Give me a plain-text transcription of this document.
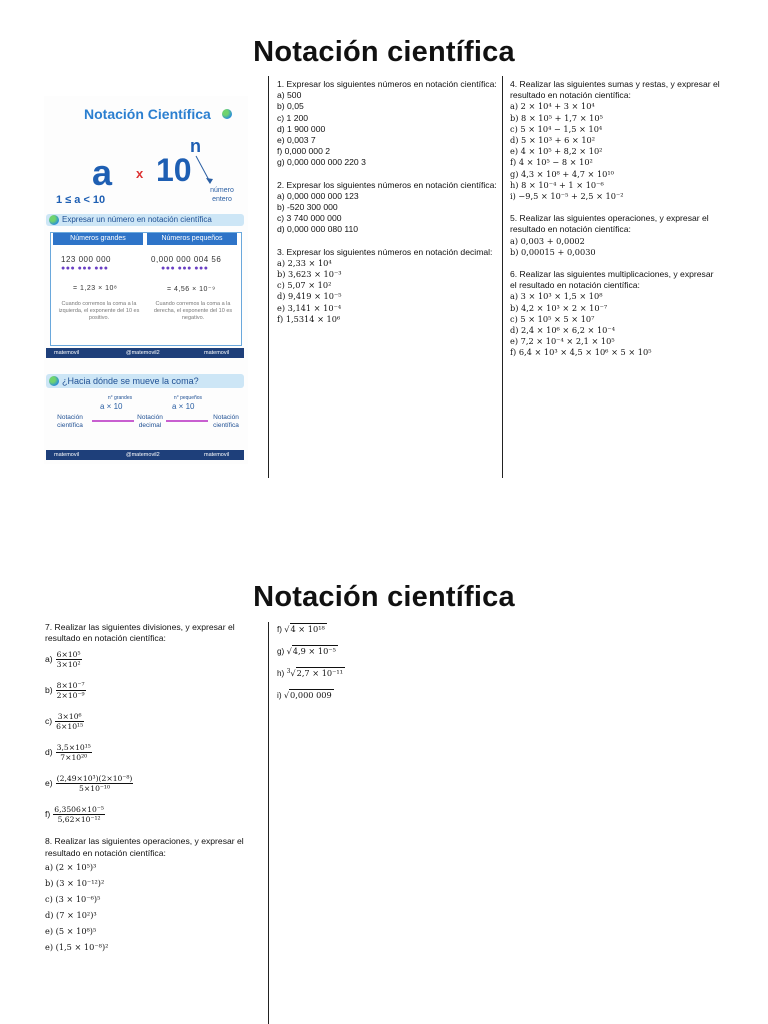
Notación científica
Notación Científica
a x 10
n
1 ≤ a < 10
número entero
Expresar un número en notación científica
Números grandes	Números pequeños
123 000 000
●●● ●●● ●●●
0,000 000 004 56
●●● ●●● ●●●
= 1,23 × 10⁸	= 4,56 × 10⁻⁹
Cuando corremos la coma a la izquierda, el exponente del 10 es positivo.
Cuando corremos la coma a la derecha, el exponente del 10 es negativo.
matemovil	@matemovil2	matemovil
¿Hacia dónde se mueve la coma?
n° grandes
a × 10
n° pequeños
a × 10
Notación científica
Notación decimal
Notación científica
matemovil	@matemovil2	matemovil
1. Expresar los siguientes números en notación científica:
a) 500
b) 0,05
c) 1 200
d) 1 900 000
e) 0,003 7
f) 0,000 000 2
g) 0,000 000 000 220 3
2. Expresar los siguientes números en notación científica:
a) 0,000 000 000 123
b) -520 300 000
c) 3 740 000 000
d) 0,000 000 080 110
3. Expresar los siguientes números en notación decimal:
a) 2,33 × 10⁴
b) 3,623 × 10⁻³
c) 5,07 × 10²
d) 9,419 × 10⁻⁵
e) 3,141 × 10⁻⁴
f) 1,5314 × 10⁶
4. Realizar las siguientes sumas y restas, y expresar el resultado en notación científica:
a) 2 × 10⁴ + 3 × 10⁴
b) 8 × 10⁵ + 1,7 × 10⁵
c) 5 × 10⁴ − 1,5 × 10⁴
d) 5 × 10³ + 6 × 10²
e) 4 × 10⁵ + 8,2 × 10²
f) 4 × 10⁵ − 8 × 10²
g) 4,3 × 10⁸ + 4,7 × 10¹⁰
h) 8 × 10⁻⁴ + 1 × 10⁻⁶
i) −9,5 × 10⁻⁵ + 2,5 × 10⁻²
5. Realizar las siguientes operaciones, y expresar el resultado en notación científica:
a) 0,003 + 0,0002
b) 0,00015 + 0,0030
6. Realizar las siguientes multiplicaciones, y expresar el resultado en notación científica:
a) 3 × 10³ × 1,5 × 10⁸
b) 4,2 × 10³ × 2 × 10⁻⁷
c) 5 × 10⁵ × 5 × 10⁷
d) 2,4 × 10⁶ × 6,2 × 10⁻⁴
e) 7,2 × 10⁻⁴ × 2,1 × 10⁵
f) 6,4 × 10³ × 4,5 × 10⁶ × 5 × 10⁵
Notación científica
7. Realizar las siguientes divisiones, y expresar el resultado en notación científica:
$a) \frac{\text{6×10⁵}}{\text{3×10²}}$
$b) \frac{\text{8×10⁻⁷}}{\text{2×10⁻⁹}}$
$c) \frac{\text{3×10⁶}}{\text{6×10¹⁵}}$
$d) \frac{\text{3,5×10¹⁵}}{\text{7×10²⁰}}$
$e) \frac{\text{(2,49×10³)(2×10⁻⁸)}}{\text{5×10⁻¹⁰}}$
$f) \frac{\text{6,3506×10⁻⁵}}{\text{5,62×10⁻¹²}}$
8. Realizar las siguientes operaciones, y expresar el resultado en notación científica:
a) (2 × 10⁵)³
b) (3 × 10⁻¹²)²
c) (3 × 10⁻⁶)⁵
d) (7 × 10²)³
e) (5 × 10⁸)⁵
e) (1,5 × 10⁻⁸)²
f) √4 × 10¹⁸
g) √4,9 × 10⁻⁵
h) $^3$√2,7 × 10⁻¹¹
i) √0,000 009
